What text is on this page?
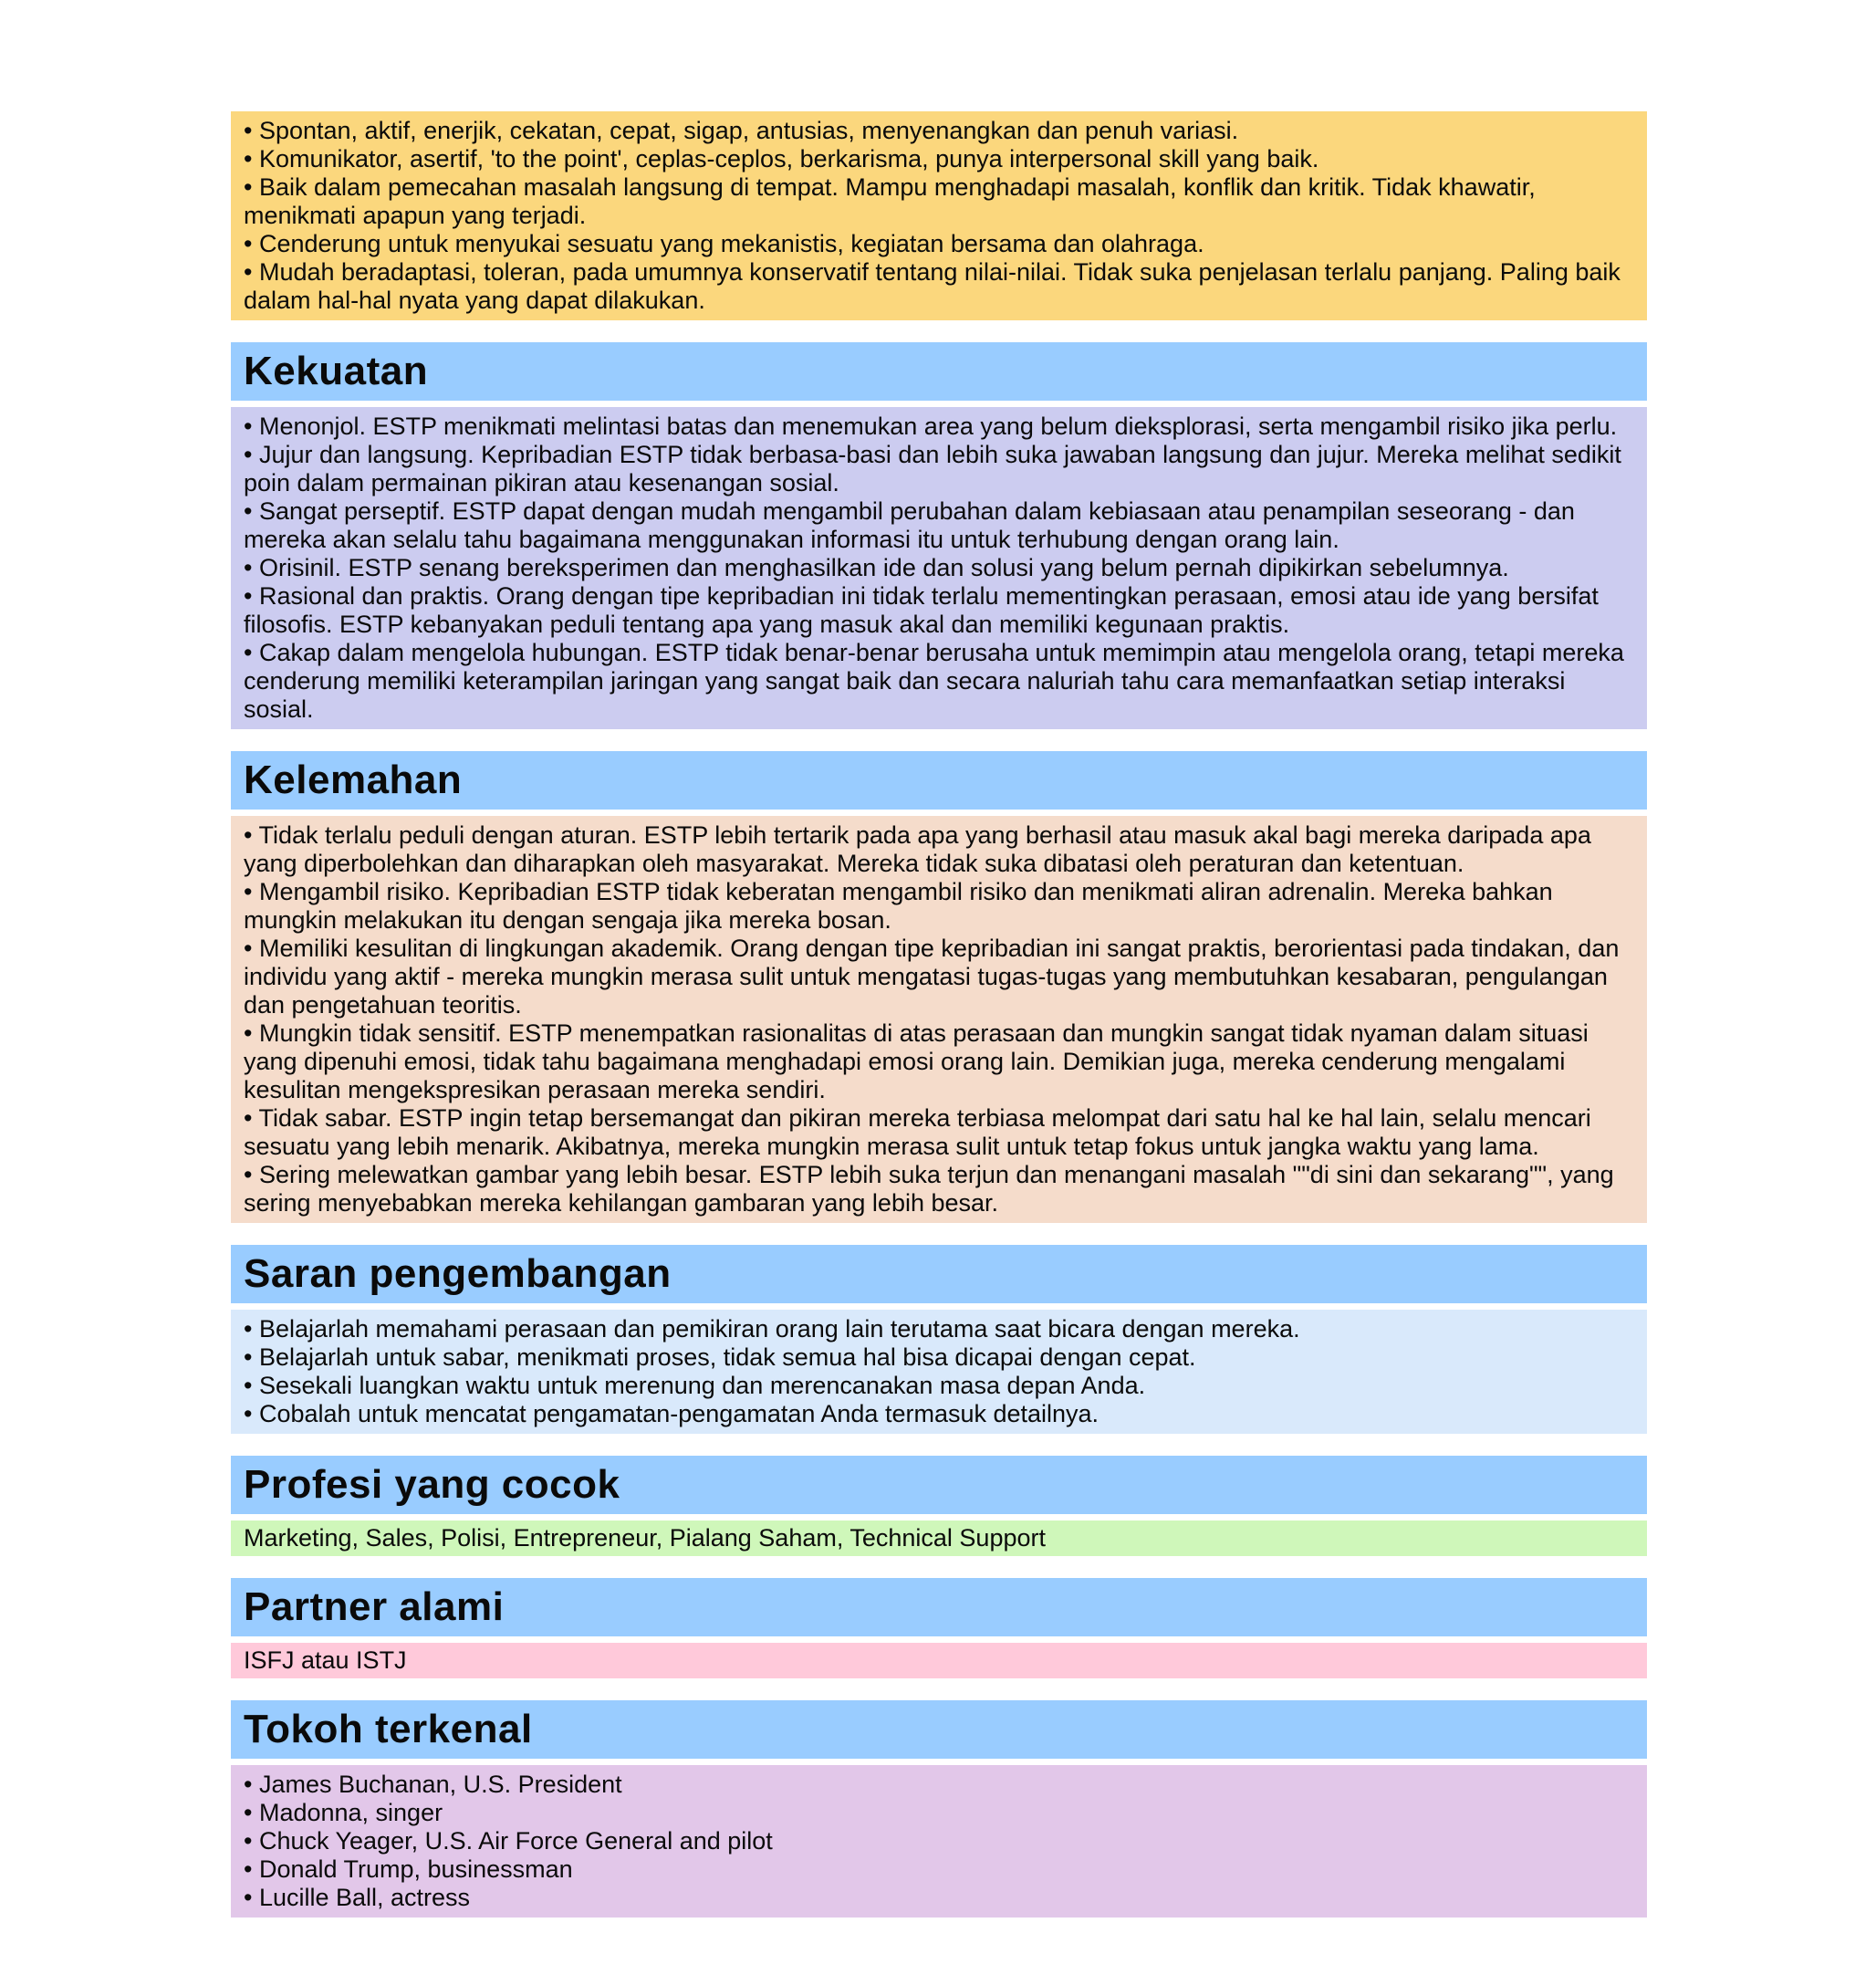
• Spontan, aktif, enerjik, cekatan, cepat, sigap, antusias, menyenangkan dan penuh variasi.
• Komunikator, asertif, 'to the point', ceplas-ceplos, berkarisma, punya interpersonal skill yang baik.
• Baik dalam pemecahan masalah langsung di tempat. Mampu menghadapi masalah, konflik dan kritik. Tidak khawatir, menikmati apapun yang terjadi.
• Cenderung untuk menyukai sesuatu yang mekanistis, kegiatan bersama dan olahraga.
• Mudah beradaptasi, toleran, pada umumnya konservatif tentang nilai-nilai. Tidak suka penjelasan terlalu panjang. Paling baik dalam hal-hal nyata yang dapat dilakukan.
Kekuatan
• Menonjol. ESTP menikmati melintasi batas dan menemukan area yang belum dieksplorasi, serta mengambil risiko jika perlu.
• Jujur dan langsung. Kepribadian ESTP tidak berbasa-basi dan lebih suka jawaban langsung dan jujur. Mereka melihat sedikit poin dalam permainan pikiran atau kesenangan sosial.
• Sangat perseptif. ESTP dapat dengan mudah mengambil perubahan dalam kebiasaan atau penampilan seseorang - dan mereka akan selalu tahu bagaimana menggunakan informasi itu untuk terhubung dengan orang lain.
• Orisinil. ESTP senang bereksperimen dan menghasilkan ide dan solusi yang belum pernah dipikirkan sebelumnya.
• Rasional dan praktis. Orang dengan tipe kepribadian ini tidak terlalu mementingkan perasaan, emosi atau ide yang bersifat filosofis. ESTP kebanyakan peduli tentang apa yang masuk akal dan memiliki kegunaan praktis.
• Cakap dalam mengelola hubungan. ESTP tidak benar-benar berusaha untuk memimpin atau mengelola orang, tetapi mereka cenderung memiliki keterampilan jaringan yang sangat baik dan secara naluriah tahu cara memanfaatkan setiap interaksi sosial.
Kelemahan
• Tidak terlalu peduli dengan aturan. ESTP lebih tertarik pada apa yang berhasil atau masuk akal bagi mereka daripada apa yang diperbolehkan dan diharapkan oleh masyarakat. Mereka tidak suka dibatasi oleh peraturan dan ketentuan.
• Mengambil risiko. Kepribadian ESTP tidak keberatan mengambil risiko dan menikmati aliran adrenalin. Mereka bahkan mungkin melakukan itu dengan sengaja jika mereka bosan.
• Memiliki kesulitan di lingkungan akademik. Orang dengan tipe kepribadian ini sangat praktis, berorientasi pada tindakan, dan individu yang aktif - mereka mungkin merasa sulit untuk mengatasi tugas-tugas yang membutuhkan kesabaran, pengulangan dan pengetahuan teoritis.
• Mungkin tidak sensitif. ESTP menempatkan rasionalitas di atas perasaan dan mungkin sangat tidak nyaman dalam situasi yang dipenuhi emosi, tidak tahu bagaimana menghadapi emosi orang lain. Demikian juga, mereka cenderung mengalami kesulitan mengekspresikan perasaan mereka sendiri.
• Tidak sabar. ESTP ingin tetap bersemangat dan pikiran mereka terbiasa melompat dari satu hal ke hal lain, selalu mencari sesuatu yang lebih menarik. Akibatnya, mereka mungkin merasa sulit untuk tetap fokus untuk jangka waktu yang lama.
• Sering melewatkan gambar yang lebih besar. ESTP lebih suka terjun dan menangani masalah ""di sini dan sekarang"", yang sering menyebabkan mereka kehilangan gambaran yang lebih besar.
Saran pengembangan
• Belajarlah memahami perasaan dan pemikiran orang lain terutama saat bicara dengan mereka.
• Belajarlah untuk sabar, menikmati proses, tidak semua hal bisa dicapai dengan cepat.
• Sesekali luangkan waktu untuk merenung dan merencanakan masa depan Anda.
• Cobalah untuk mencatat pengamatan-pengamatan Anda termasuk detailnya.
Profesi yang cocok
Marketing, Sales, Polisi, Entrepreneur, Pialang Saham, Technical Support
Partner alami
ISFJ atau ISTJ
Tokoh terkenal
• James Buchanan, U.S. President
• Madonna, singer
• Chuck Yeager, U.S. Air Force General and pilot
• Donald Trump, businessman
• Lucille Ball, actress
